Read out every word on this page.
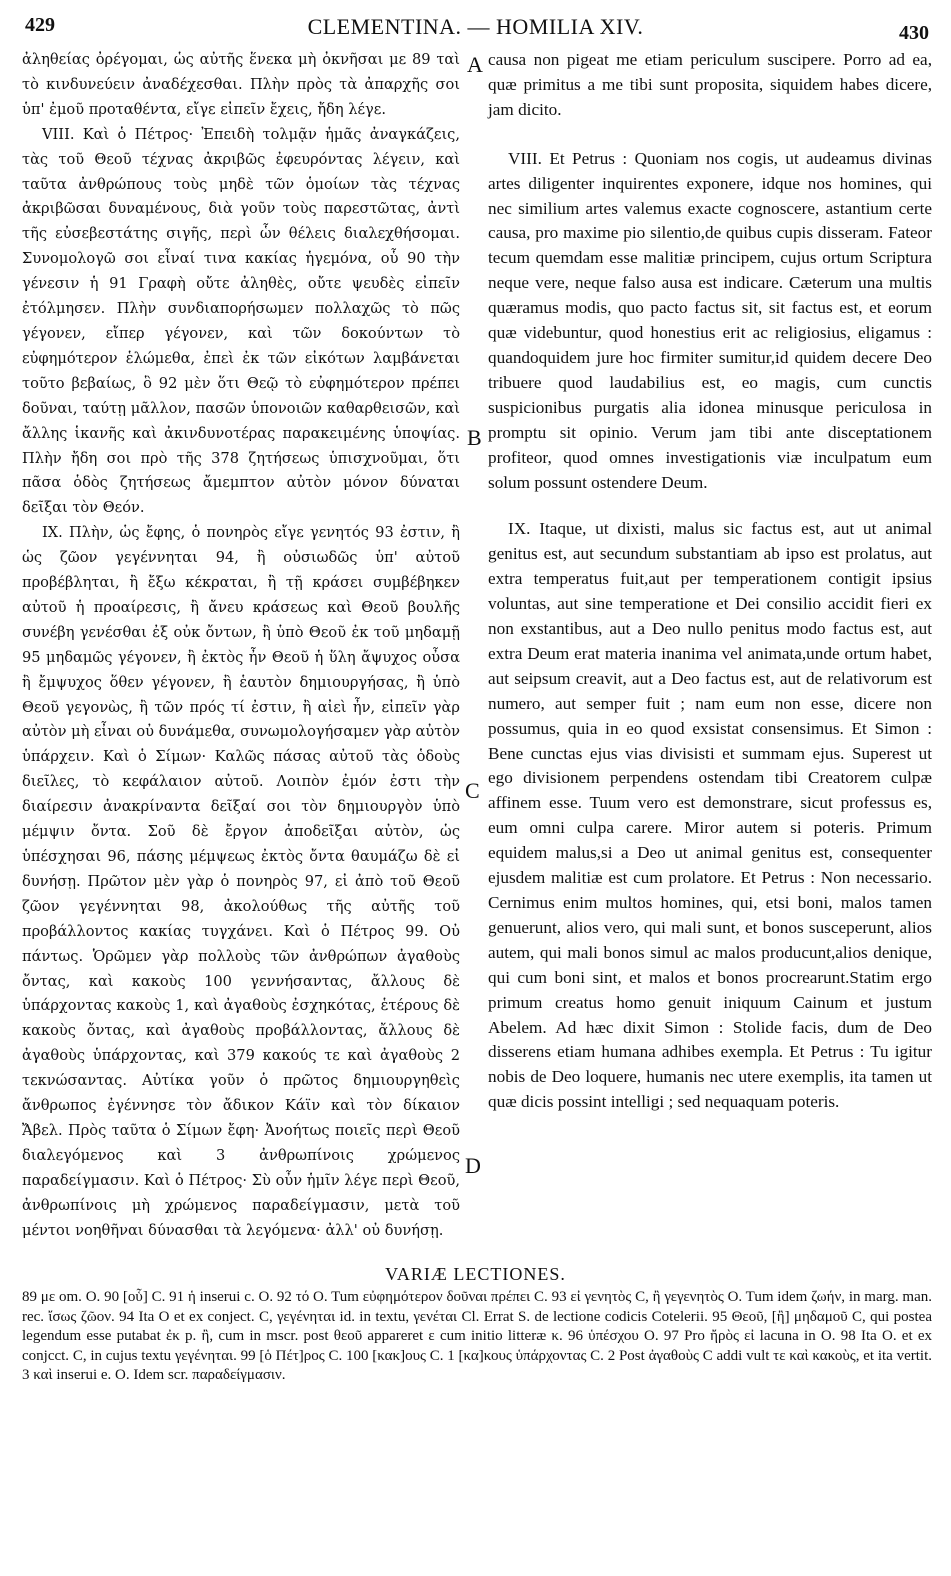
429	CLEMENTINA. — HOMILIA XIV.	430

ἀληθείας ὀρέγομαι, ὡς αὐτῆς ἕνεκα μὴ ὀκνῆσαι με 89 ταὶ τὸ κινδυνεύειν ἀναδέχεσθαι. Πλὴν πρὸς τὰ ἀπαρχῆς σοι ὑπ' ἐμοῦ προταθέντα, εἴγε εἰπεῖν ἔχεις, ἤδη λέγε.

VIII. Καὶ ὁ Πέτρος· Ἐπειδὴ τολμᾷν ἡμᾶς ἀναγκάζεις, τὰς τοῦ Θεοῦ τέχνας ἀκριβῶς ἐφευρόντας λέγειν, καὶ ταῦτα ἀνθρώπους τοὺς μηδὲ τῶν ὁμοίων τὰς τέχνας ἀκριβῶσαι δυναμένους, διὰ γοῦν τοὺς παρεστῶτας, ἀντὶ τῆς εὐσεβεστάτης σιγῆς, περὶ ὧν θέλεις διαλεχθήσομαι. Συνομολογῶ σοι εἶναί τινα κακίας ἡγεμόνα, οὗ 90 τὴν γένεσιν ἡ 91 Γραφὴ οὔτε ἀληθὲς, οὔτε ψευδὲς εἰπεῖν ἐτόλμησεν. Πλὴν συνδιαπορήσωμεν πολλαχῶς τὸ πῶς γέγονεν, εἴπερ γέγονεν, καὶ τῶν δοκούντων τὸ εὐφημότερον ἑλώμεθα, ἐπεὶ ἐκ τῶν εἰκότων λαμβάνεται τοῦτο βεβαίως, ὃ 92 μὲν ὅτι Θεῷ τὸ εὐφημότερον πρέπει δοῦναι, ταύτῃ μᾶλλον, πασῶν ὑπονοιῶν καθαρθεισῶν, καὶ ἄλλης ἱκανῆς καὶ ἀκινδυνοτέρας παρακειμένης ὑποψίας. Πλὴν ἤδη σοι πρὸ τῆς 378 ζητήσεως ὑπισχνοῦμαι, ὅτι πᾶσα ὁδὸς ζητήσεως ἄμεμπτον αὐτὸν μόνον δύναται δεῖξαι τὸν Θεόν.

IX. Πλὴν, ὡς ἔφης, ὁ πονηρὸς εἴγε γενητός 93 ἐστιν, ἢ ὡς ζῶον γεγέννηται 94, ἢ οὐσιωδῶς ὑπ' αὐτοῦ προβέβληται, ἢ ἔξω κέκραται, ἢ τῇ κράσει συμβέβηκεν αὐτοῦ ἡ προαίρεσις, ἢ ἄνευ κράσεως καὶ Θεοῦ βουλῆς συνέβη γενέσθαι ἐξ οὐκ ὄντων, ἢ ὑπὸ Θεοῦ ἐκ τοῦ μηδαμῇ 95 μηδαμῶς γέγονεν, ἢ ἐκτὸς ἦν Θεοῦ ἡ ὕλη ἄψυχος οὖσα ἢ ἔμψυχος ὅθεν γέγονεν, ἢ ἑαυτὸν δημιουργήσας, ἢ ὑπὸ Θεοῦ γεγονὼς, ἢ τῶν πρός τί ἐστιν, ἢ αἰεὶ ἦν, εἰπεῖν γὰρ αὐτὸν μὴ εἶναι οὐ δυνάμεθα, συνωμολογήσαμεν γὰρ αὐτὸν ὑπάρχειν. Καὶ ὁ Σίμων· Καλῶς πάσας αὐτοῦ τὰς ὁδοὺς διεῖλες, τὸ κεφάλαιον αὐτοῦ. Λοιπὸν ἐμόν ἐστι τὴν διαίρεσιν ἀνακρίναντα δεῖξαί σοι τὸν δημιουργὸν ὑπὸ μέμψιν ὄντα. Σοῦ δὲ ἔργον ἀποδεῖξαι αὐτὸν, ὡς ὑπέσχησαι 96, πάσης μέμψεως ἐκτὸς ὄντα θαυμάζω δὲ εἰ δυνήσῃ. Πρῶτον μὲν γὰρ ὁ πονηρὸς 97, εἰ ἀπὸ τοῦ Θεοῦ ζῶον γεγέννηται 98, ἀκολούθως τῆς αὐτῆς τοῦ προβάλλοντος κακίας τυγχάνει. Καὶ ὁ Πέτρος 99. Οὐ πάντως. Ὁρῶμεν γὰρ πολλοὺς τῶν ἀνθρώπων ἀγαθοὺς ὄντας, καὶ κακοὺς 100 γεννήσαντας, ἄλλους δὲ ὑπάρχοντας κακοὺς 1, καὶ ἀγαθοὺς ἐσχηκότας, ἑτέρους δὲ κακοὺς ὄντας, καὶ ἀγαθοὺς προβάλλοντας, ἄλλους δὲ ἀγαθοὺς ὑπάρχοντας, καὶ 379 κακούς τε καὶ ἀγαθοὺς 2 τεκνώσαντας. Αὐτίκα γοῦν ὁ πρῶτος δημιουργηθεὶς ἄνθρωπος ἐγέννησε τὸν ἄδικον Κάϊν καὶ τὸν δίκαιον Ἄβελ. Πρὸς ταῦτα ὁ Σίμων ἔφη· Ἀνοήτως ποιεῖς περὶ Θεοῦ διαλεγόμενος καὶ 3 ἀνθρωπίνοις χρώμενος παραδείγμασιν. Καὶ ὁ Πέτρος· Σὺ οὖν ἡμῖν λέγε περὶ Θεοῦ, ἀνθρωπίνοις μὴ χρώμενος παραδείγμασιν, μετὰ τοῦ μέντοι νοηθῆναι δύνασθαι τὰ λεγόμενα· ἀλλ' οὐ δυνήσῃ.

causa non pigeat me etiam periculum suscipere. Porro ad ea, quæ primitus a me tibi sunt proposita, siquidem habes dicere, jam dicito.

VIII. Et Petrus : Quoniam nos cogis, ut audeamus divinas artes diligenter inquirentes exponere, idque nos homines, qui nec similium artes valemus exacte cognoscere, astantium certe causa, pro maxime pio silentio,de quibus cupis disseram. Fateor tecum quemdam esse malitiæ principem, cujus ortum Scriptura neque vere, neque falso ausa est indicare. Cæterum una multis quæramus modis, quo pacto factus sit, sit factus est, et eorum quæ videbuntur, quod honestius erit ac religiosius, eligamus : quandoquidem jure hoc firmiter sumitur,id quidem decere Deo tribuere quod laudabilius est, eo magis, cum cunctis suspicionibus purgatis alia idonea minusque periculosa in promptu sit opinio. Verum jam tibi ante disceptationem profiteor, quod omnes investigationis viæ inculpatum eum solum possunt ostendere Deum.

IX. Itaque, ut dixisti, malus sic factus est, aut ut animal genitus est, aut secundum substantiam ab ipso est prolatus, aut extra temperatus fuit,aut per temperationem contigit ipsius voluntas, aut sine temperatione et Dei consilio accidit fieri ex non exstantibus, aut a Deo nullo penitus modo factus est, aut extra Deum erat materia inanima vel animata,unde ortum habet, aut seipsum creavit, aut a Deo factus est, aut de relativorum est numero, aut semper fuit ; nam eum non esse, dicere non possumus, quia in eo quod exsistat consensimus. Et Simon : Bene cunctas ejus vias divisisti et summam ejus. Superest ut ego divisionem perpendens ostendam tibi Creatorem culpæ affinem esse. Tuum vero est demonstrare, sicut professus es, eum omni culpa carere. Miror autem si poteris. Primum equidem malus,si a Deo ut animal genitus est, consequenter ejusdem malitiæ est cum prolatore. Et Petrus : Non necessario. Cernimus enim multos homines, qui, etsi boni, malos tamen genuerunt, alios vero, qui mali sunt, et bonos susceperunt, alios autem, qui mali bonos simul ac malos producunt,alios denique, qui cum boni sint, et malos et bonos procrearunt.Statim ergo primum creatus homo genuit iniquum Cainum et justum Abelem. Ad hæc dixit Simon : Stolide facis, dum de Deo disserens etiam humana adhibes exempla. Et Petrus : Tu igitur nobis de Deo loquere, humanis nec utere exemplis, ita tamen ut quæ dicis possint intelligi ; sed nequaquam poteris.

A
B
C
D
VARIÆ LECTIONES.
89 με om. O. 90 [οὗ] C. 91 ἡ inserui c. O. 92 τό O. Tum εὐφημότερον δοῦναι πρέπει C. 93 εἰ γενητὸς C, ἢ γεγενητὸς O. Tum idem ζωήν, in marg. man. rec. ἴσως ζῶον. 94 Ita O et ex conject. C, γεγένηται id. in textu, γενέται Cl. Errat S. de lectione codicis Cotelerii. 95 Θεοῦ, [ἢ] μηδαμοῦ C, qui postea legendum esse putabat ἐκ p. ἢ, cum in mscr. post θεοῦ appareret ε cum initio litteræ κ. 96 ὑπέσχου O. 97 Pro ἤρὸς εἰ lacuna in O. 98 Ita O. et ex conjcct. C, in cujus textu γεγένηται. 99 [ὁ Πέτ]ρος C. 100 [κακ]ους C. 1 [κα]κους ὑπάρχοντας C. 2 Post ἀγαθοὺς C addi vult τε καὶ κακοὺς, et ita vertit. 3 καὶ inserui e. O. Idem scr. παραδείγμασιν.
